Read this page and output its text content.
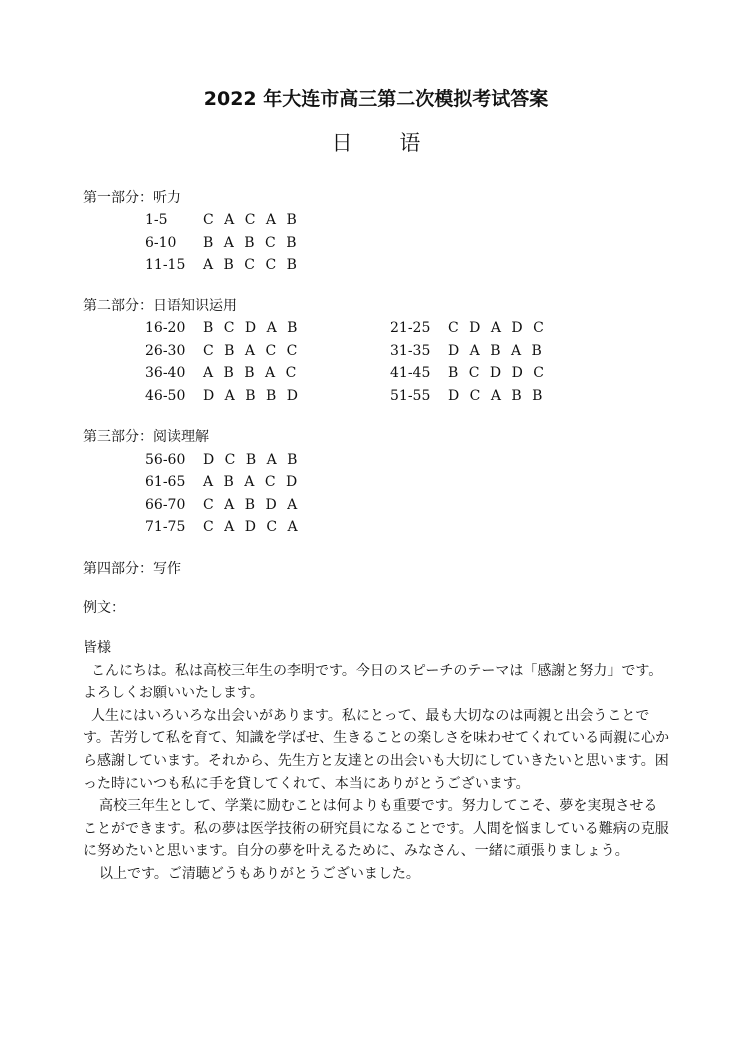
2022 年大连市高三第二次模拟考试答案
日 语
第一部分：听力
1-5	C A C A B
6-10 B A B C B
11-15 A B C C B
第二部分：日语知识运用
16-20 B C D A B
26-30 C B A C C
36-40 A B B A C
46-50 D A B B D
21-25 C D A D C
31-35 D A B A B
41-45 B C D D C
51-55 D C A B B
第三部分：阅读理解
56-60 D C B A B
61-65 A B A C D
66-70 C A B D A
71-75 C A D C A
第四部分：写作
例文：

皆様

こんにちは。私は高校三年生の李明です。今日のスピーチのテーマは「感謝と努力」です。よろしくお願いいたします。

人生にはいろいろな出会いがあります。私にとって、最も大切なのは両親と出会うことです。苦労して私を育て、知識を学ばせ、生きることの楽しさを味わせてくれている両親に心から感謝しています。それから、先生方と友達との出会いも大切にしていきたいと思います。困った時にいつも私に手を貸してくれて、本当にありがとうございます。

高校三年生として、学業に励むことは何よりも重要です。努力してこそ、夢を実現させることができます。私の夢は医学技術の研究員になることです。人間を悩ましている難病の克服に努めたいと思います。自分の夢を叶えるために、みなさん、一緒に頑張りましょう。

以上です。ご清聴どうもありがとうございました。
